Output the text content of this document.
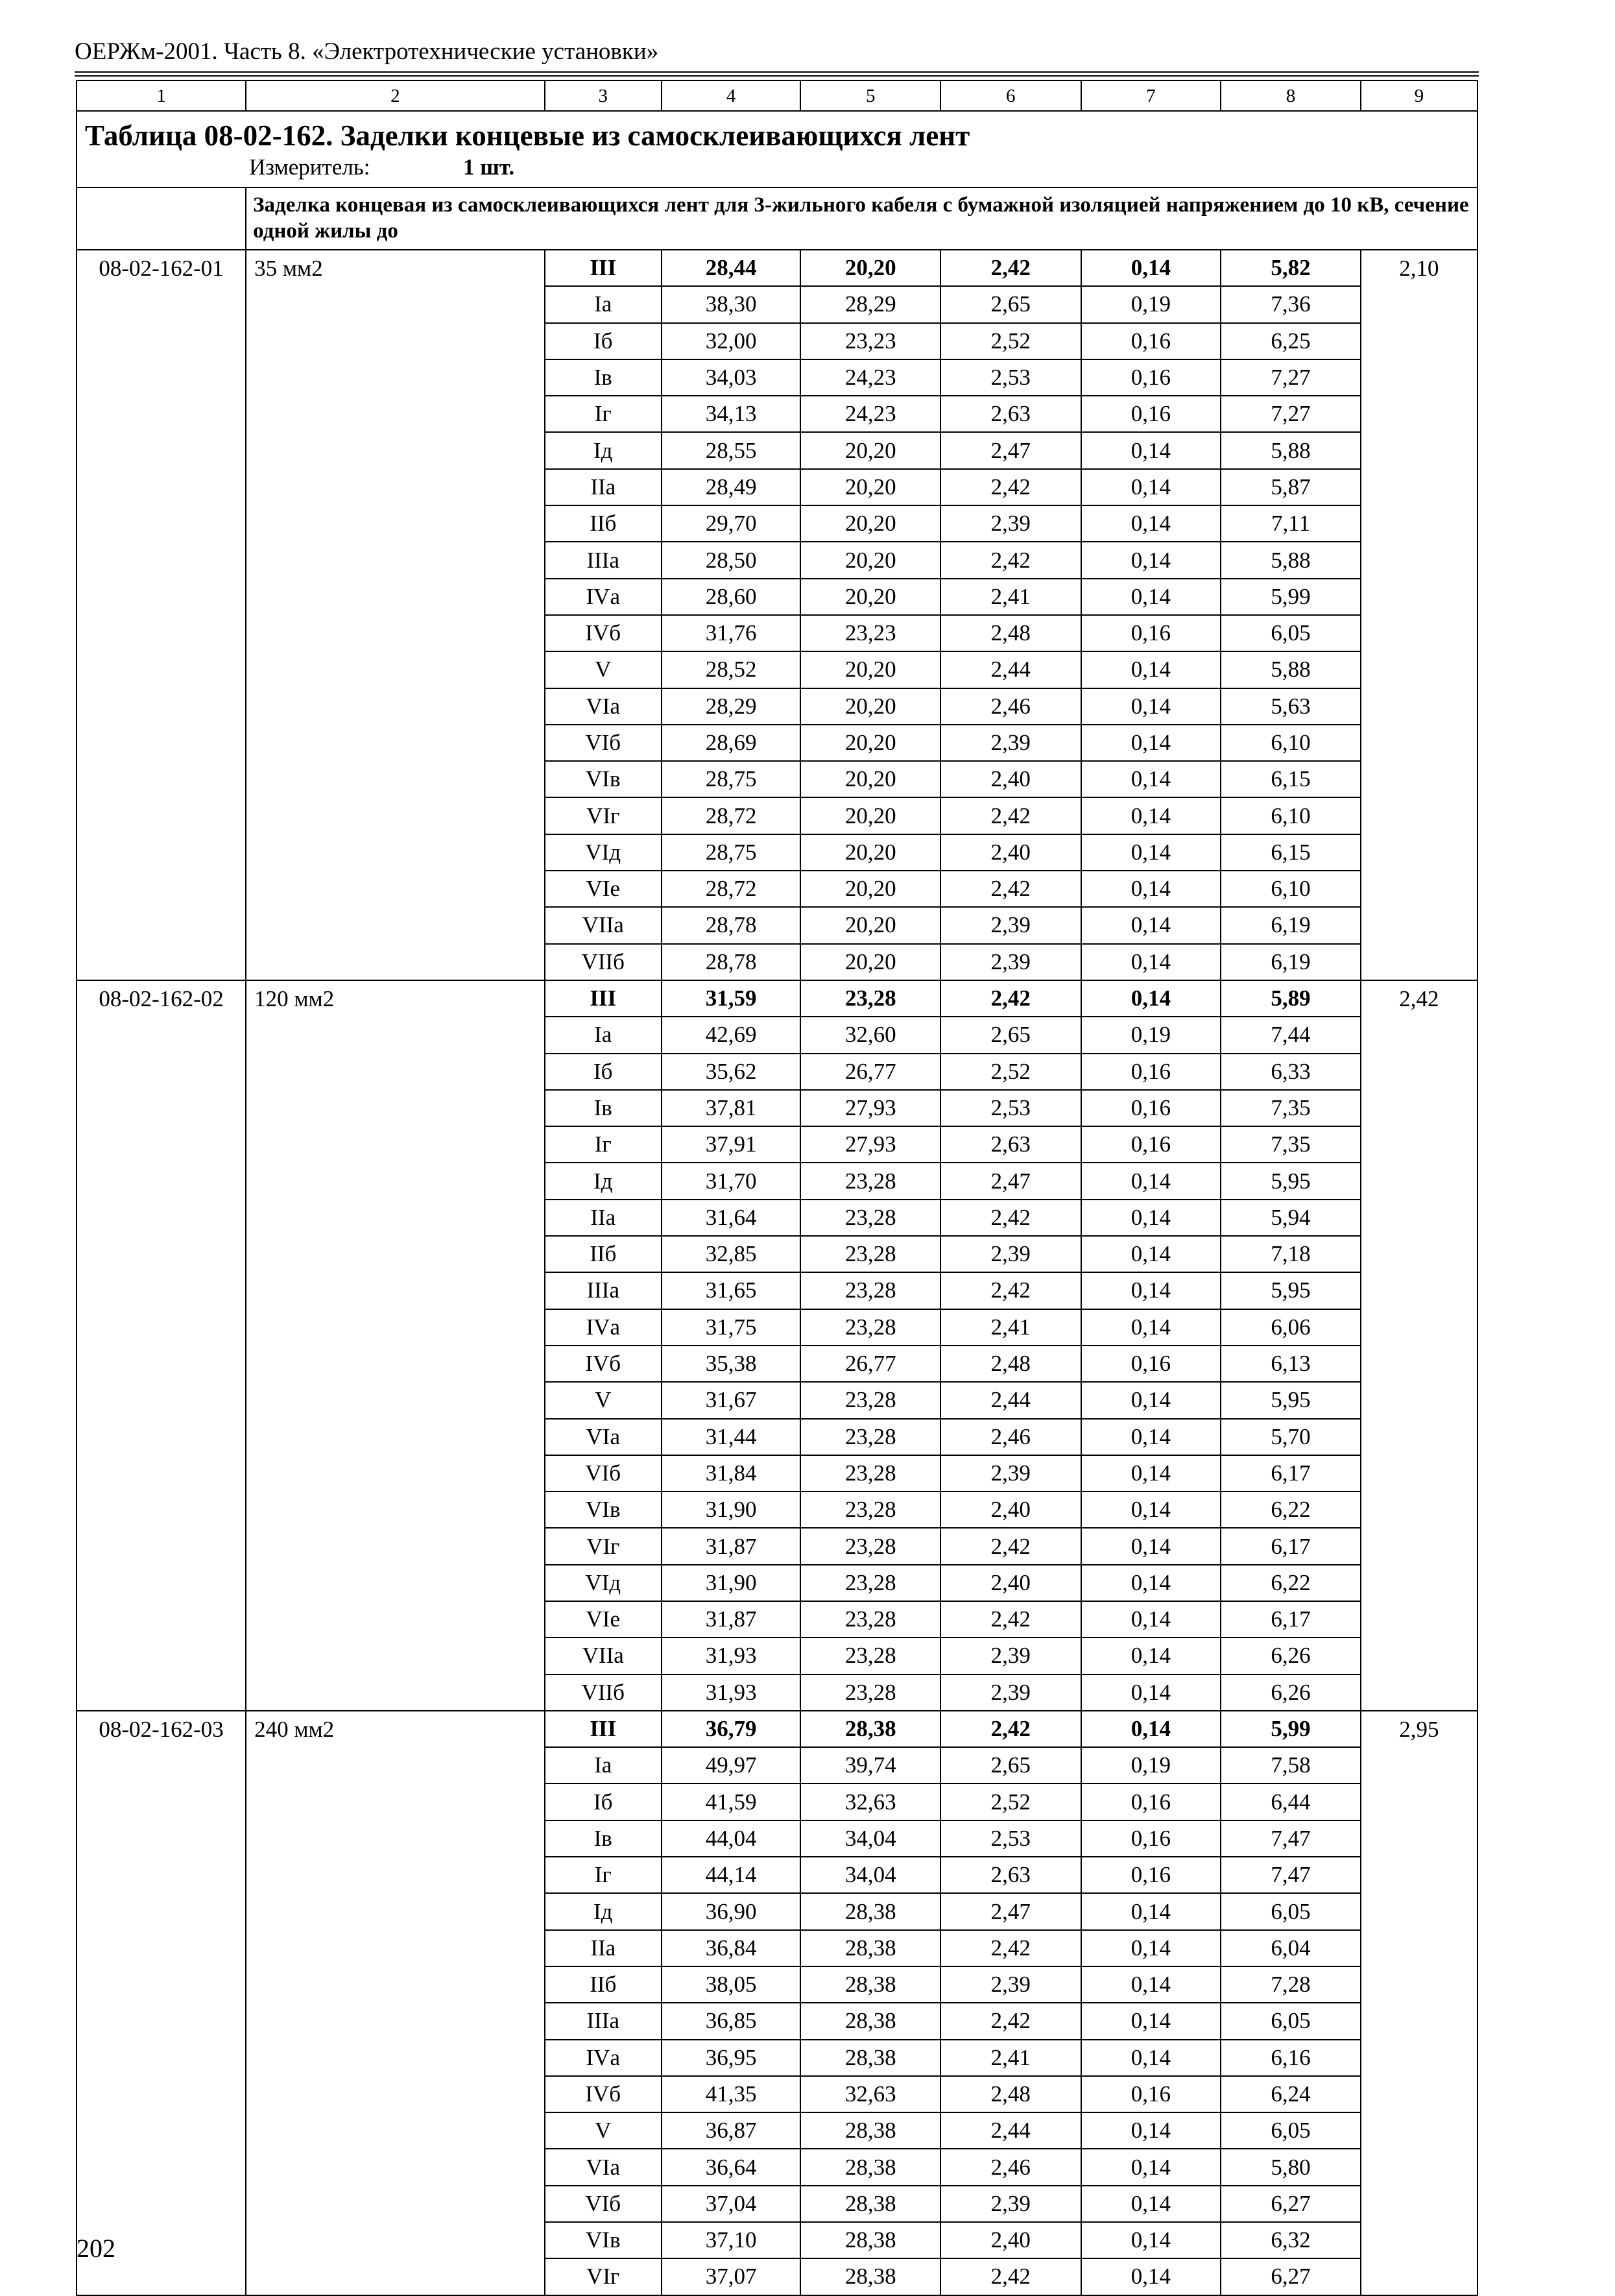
ОЕРЖм-2001. Часть 8. «Электротехнические установки»
1	2	3	4	5	6	7	8	9

Таблица 08-02-162. Заделки концевые из самосклеивающихся лент
Измеритель: 1 шт.								

	Заделка концевая из самосклеивающихся лент для 3-жильного кабеля с бумажной изоляцией напряжением до 10 кВ, сечение одной жилы до							
08-02-162-01	35 мм2	III	28,44	20,20	2,42	0,14	5,82	2,10
		Iа	38,30	28,29	2,65	0,19	7,36	
		Iб	32,00	23,23	2,52	0,16	6,25	
		Iв	34,03	24,23	2,53	0,16	7,27	
		Iг	34,13	24,23	2,63	0,16	7,27	
		Iд	28,55	20,20	2,47	0,14	5,88	
		IIа	28,49	20,20	2,42	0,14	5,87	
		IIб	29,70	20,20	2,39	0,14	7,11	
		IIIа	28,50	20,20	2,42	0,14	5,88	
		IVа	28,60	20,20	2,41	0,14	5,99	
		IVб	31,76	23,23	2,48	0,16	6,05	
		V	28,52	20,20	2,44	0,14	5,88	
		VIа	28,29	20,20	2,46	0,14	5,63	
		VIб	28,69	20,20	2,39	0,14	6,10	
		VIв	28,75	20,20	2,40	0,14	6,15	
		VIг	28,72	20,20	2,42	0,14	6,10	
		VIд	28,75	20,20	2,40	0,14	6,15	
		VIе	28,72	20,20	2,42	0,14	6,10	
		VIIа	28,78	20,20	2,39	0,14	6,19	
		VIIб	28,78	20,20	2,39	0,14	6,19	
08-02-162-02	120 мм2	III	31,59	23,28	2,42	0,14	5,89	2,42
		Iа	42,69	32,60	2,65	0,19	7,44	
		Iб	35,62	26,77	2,52	0,16	6,33	
		Iв	37,81	27,93	2,53	0,16	7,35	
		Iг	37,91	27,93	2,63	0,16	7,35	
		Iд	31,70	23,28	2,47	0,14	5,95	
		IIа	31,64	23,28	2,42	0,14	5,94	
		IIб	32,85	23,28	2,39	0,14	7,18	
		IIIа	31,65	23,28	2,42	0,14	5,95	
		IVа	31,75	23,28	2,41	0,14	6,06	
		IVб	35,38	26,77	2,48	0,16	6,13	
		V	31,67	23,28	2,44	0,14	5,95	
		VIа	31,44	23,28	2,46	0,14	5,70	
		VIб	31,84	23,28	2,39	0,14	6,17	
		VIв	31,90	23,28	2,40	0,14	6,22	
		VIг	31,87	23,28	2,42	0,14	6,17	
		VIд	31,90	23,28	2,40	0,14	6,22	
		VIе	31,87	23,28	2,42	0,14	6,17	
		VIIа	31,93	23,28	2,39	0,14	6,26	
		VIIб	31,93	23,28	2,39	0,14	6,26	
08-02-162-03	240 мм2	III	36,79	28,38	2,42	0,14	5,99	2,95
		Iа	49,97	39,74	2,65	0,19	7,58	
		Iб	41,59	32,63	2,52	0,16	6,44	
		Iв	44,04	34,04	2,53	0,16	7,47	
		Iг	44,14	34,04	2,63	0,16	7,47	
		Iд	36,90	28,38	2,47	0,14	6,05	
		IIа	36,84	28,38	2,42	0,14	6,04	
		IIб	38,05	28,38	2,39	0,14	7,28	
		IIIа	36,85	28,38	2,42	0,14	6,05	
		IVа	36,95	28,38	2,41	0,14	6,16	
		IVб	41,35	32,63	2,48	0,16	6,24	
		V	36,87	28,38	2,44	0,14	6,05	
		VIа	36,64	28,38	2,46	0,14	5,80	
		VIб	37,04	28,38	2,39	0,14	6,27	
		VIв	37,10	28,38	2,40	0,14	6,32	
		VIг	37,07	28,38	2,42	0,14	6,27	
202
